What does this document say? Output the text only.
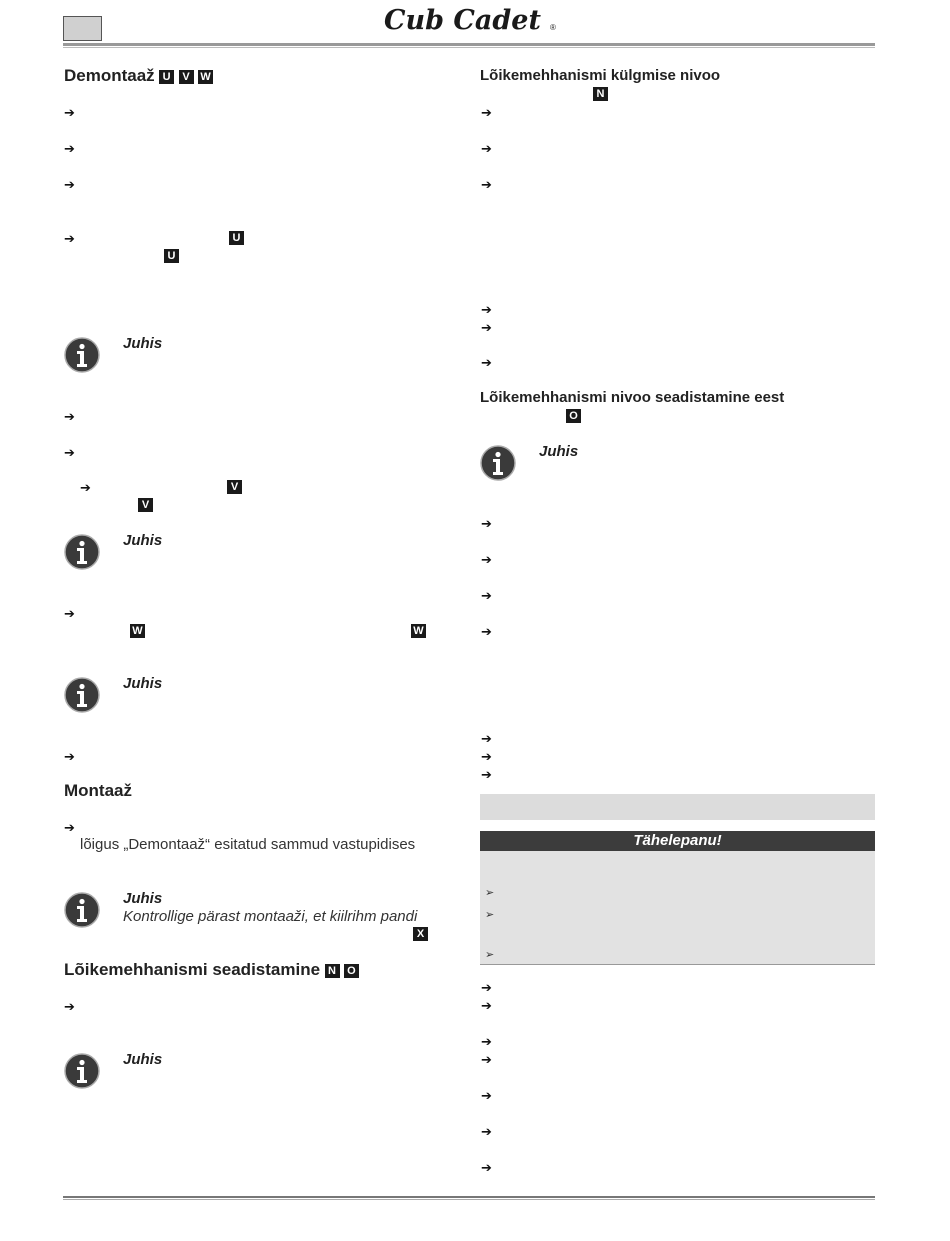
Cub Cadet ®
Demontaaž U V W
➔
➔
➔
➔	U
U
Juhis
➔
➔
➔	V
V
Juhis
➔
W	W
Juhis
➔
Montaaž
➔
lõigus „Demontaaž“ esitatud sammud vastupidises
Juhis
Kontrollige pärast montaaži, et kiilrihm pandi
X
Lõikemehhanismi seadistamine N O
➔
Juhis
Lõikemehhanismi külgmise nivoo
N
➔
➔
➔
➔
➔
➔
Lõikemehhanismi nivoo seadistamine eest
O
Juhis
➔
➔
➔
➔
➔
➔
➔
Tähelepanu!
➢
➢
➢
➔
➔
➔
➔
➔
➔
➔
